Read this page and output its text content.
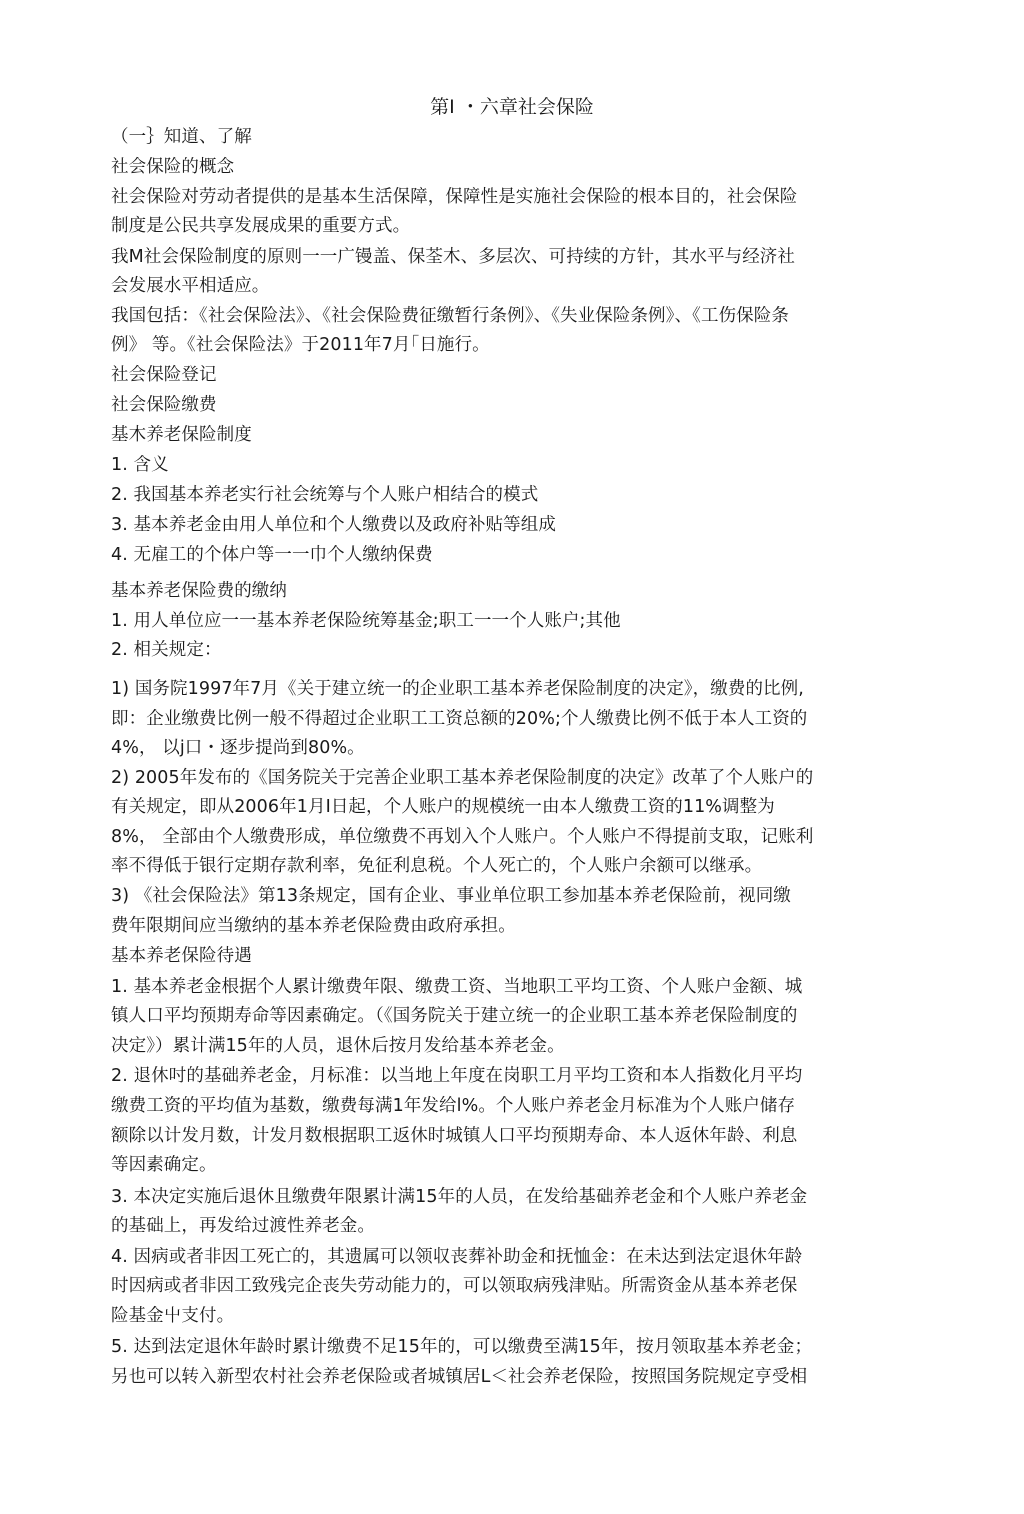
第I ・六章社会保险
（一｝知道、了解
社会保险的概念
社会保险对劳动者提供的是基本生活保障，保障性是实施社会保险的根本目的，社会保险
制度是公民共享发展成果的重要方式。
我M社会保险制度的原则一一广镘盖、保荃木、多层次、可持续的方针，其水平与经济社
会发展水平相适应。
我国包括：《社会保险法》、《社会保险费征缴暂行条例》、《失业保险条例》、《工伤保险条
例》 等。《社会保险法》于2011年7月｢日施行。
社会保险登记
社会保险缴费
基木养老保险制度
1. 含义
2. 我国基本养老实行社会统筹与个人账户相结合的模式
3. 基本养老金由用人单位和个人缴费以及政府补贴等组成
4. 无雇工的个体户等一一巾个人缴纳保费
基本养老保险费的缴纳
1. 用人单位应一一基本养老保险统筹基金;职工一一个人账户;其他
2. 相关规定：
1) 国务院1997年7月《关于建立统一的企业职工基本养老保险制度的决定》，缴费的比例,
即：企业缴费比例一般不得超过企业职工工资总额的20%;个人缴费比例不低于本人工资的
4%， 以j口・逐步提尚到80%。
2) 2005年发布的《国务院关于完善企业职工基本养老保险制度的决定》改革了个人账户的
有关规定，即从2006年1月I日起，个人账户的规模统一由本人缴费工资的11%调整为
8%， 全部由个人缴费形成，单位缴费不再划入个人账户。个人账户不得提前支取，记账利
率不得低于银行定期存款利率，免征利息税。个人死亡的，个人账户余额可以继承。
3) 《社会保险法》第13条规定，国有企业、事业单位职工参加基本养老保险前，视同缴
费年限期间应当缴纳的基本养老保险费由政府承担。
基本养老保险待遇
1. 基本养老金根据个人累计缴费年限、缴费工资、当地职工平均工资、个人账户金额、城
镇人口平均预期寿命等因素确定。（《国务院关于建立统一的企业职工基本养老保险制度的
决定》）累计满15年的人员，退休后按月发给基本养老金。
2. 退休吋的基础养老金，月标准：以当地上年度在岗职工月平均工资和本人指数化月平均
缴费工资的平均值为基数，缴费每满1年发给l%。个人账户养老金月标准为个人账户储存
额除以计发月数，计发月数根据职工返休时城镇人口平均预期寿命、本人返休年龄、利息
等因素确定。
3. 本决定实施后退休且缴费年限累计满15年的人员，在发给基础养老金和个人账户养老金
的基础上，再发给过渡性养老金。
4. 因病或者非因工死亡的，其遗属可以领収丧葬补助金和抚恤金：在未达到法定退休年龄
时因病或者非因工致残完企丧失劳动能力的，可以领取病残津贴。所需资金从基本养老保
险基金屮支付。
5. 达到法定退休年龄时累计缴费不足15年的，可以缴费至满15年，按月领取基本养老金；
另也可以转入新型农村社会养老保险或者城镇居L＜社会养老保险，按照国务院规定亨受相
